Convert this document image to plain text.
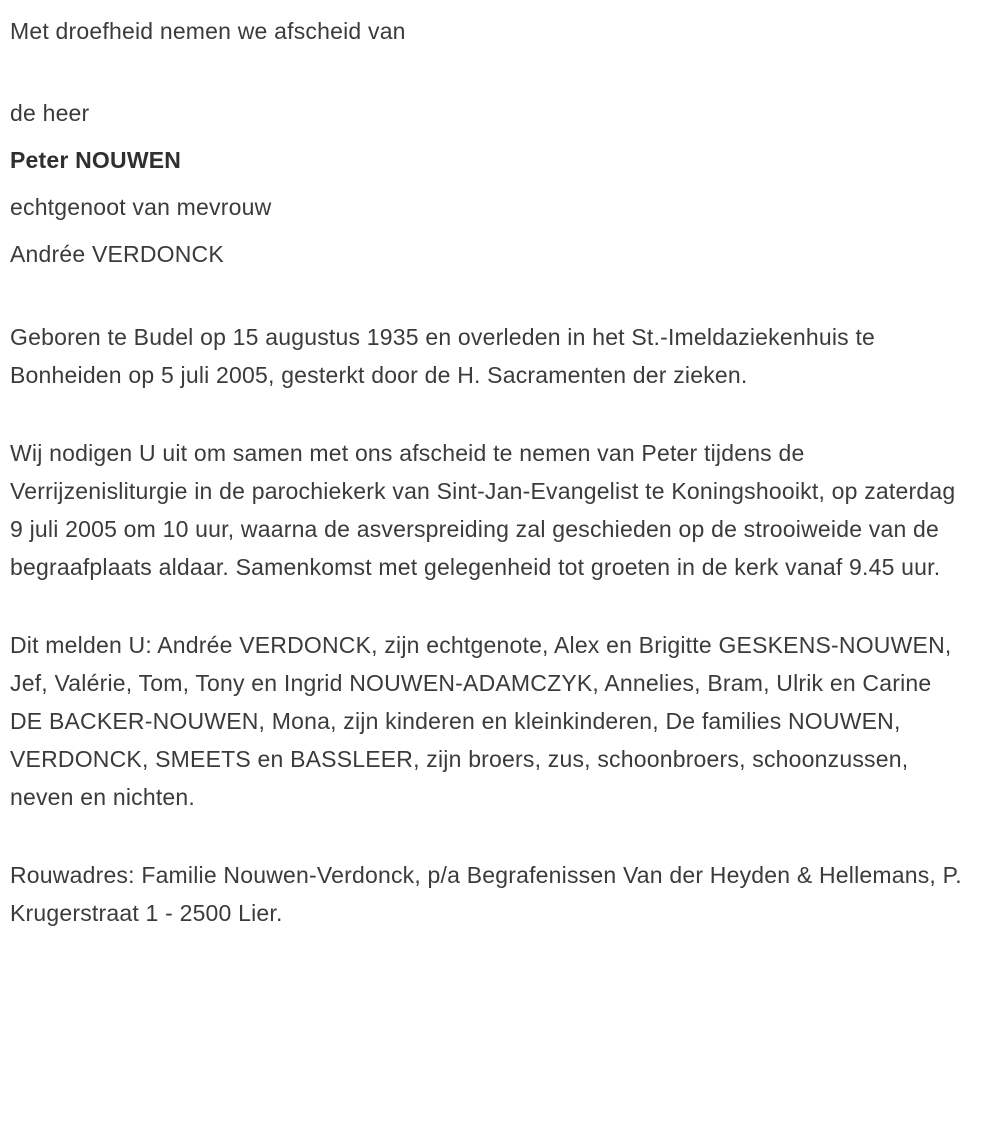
Met droefheid nemen we afscheid van

de heer

Peter NOUWEN

echtgenoot van mevrouw

Andrée VERDONCK

Geboren te Budel op 15 augustus 1935 en overleden in het St.-Imeldaziekenhuis te Bonheiden op 5 juli 2005, gesterkt door de H. Sacramenten der zieken.

Wij nodigen U uit om samen met ons afscheid te nemen van Peter tijdens de Verrijzenisliturgie in de parochiekerk van Sint-Jan-Evangelist te Koningshooikt, op zaterdag 9 juli 2005 om 10 uur, waarna de asverspreiding zal geschieden op de strooiweide van de begraafplaats aldaar. Samenkomst met gelegenheid tot groeten in de kerk vanaf 9.45 uur.

Dit melden U: Andrée VERDONCK, zijn echtgenote, Alex en Brigitte GESKENS-NOUWEN, Jef, Valérie, Tom, Tony en Ingrid NOUWEN-ADAMCZYK, Annelies, Bram, Ulrik en Carine DE BACKER-NOUWEN, Mona, zijn kinderen en kleinkinderen, De families NOUWEN, VERDONCK, SMEETS en BASSLEER, zijn broers, zus, schoonbroers, schoonzussen, neven en nichten.

Rouwadres: Familie Nouwen-Verdonck, p/a Begrafenissen Van der Heyden & Hellemans, P. Krugerstraat 1 - 2500 Lier.
